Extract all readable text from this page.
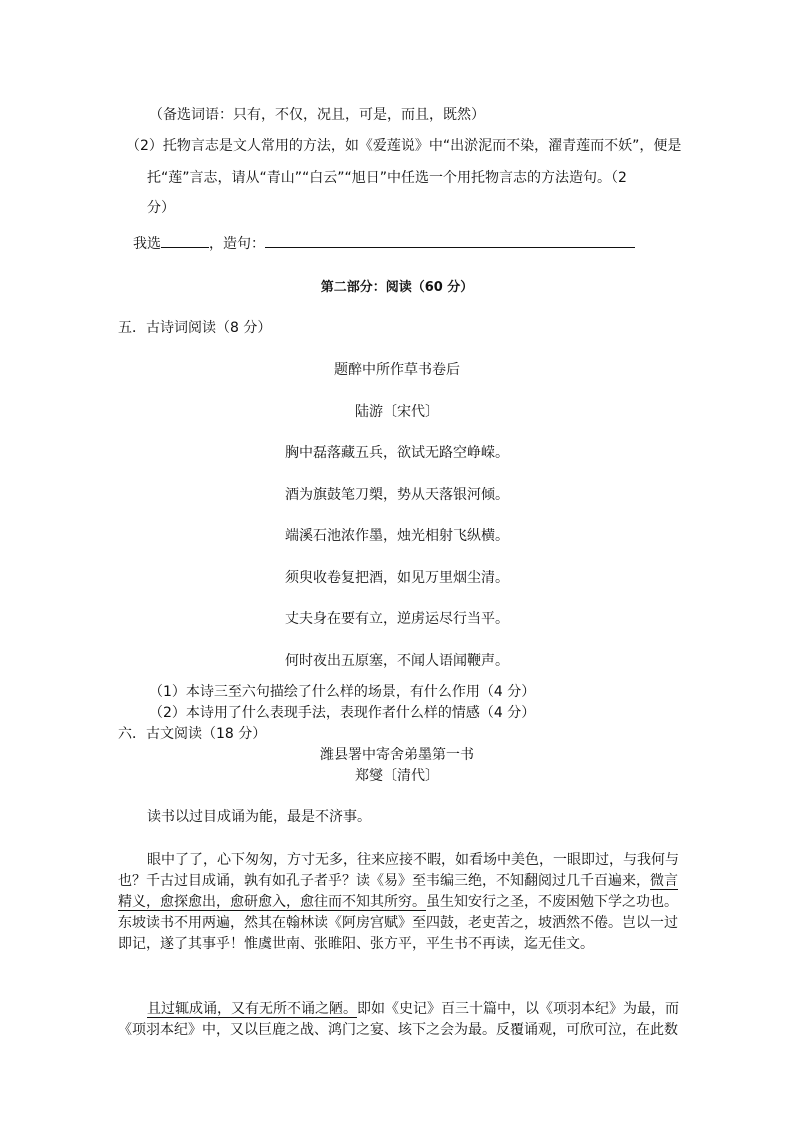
（备选词语：只有，不仅，况且，可是，而且，既然）
（2）托物言志是文人常用的方法，如《爱莲说》中“出淤泥而不染，濯青莲而不妖”，便是
托“莲”言志，请从“青山”“白云”“旭日”中任选一个用托物言志的方法造句。（2
分）
我选	，造句：
第二部分：阅读（60 分）
五．古诗词阅读（8 分）
题醉中所作草书卷后
陆游〔宋代〕
胸中磊落藏五兵，欲试无路空峥嵘。
酒为旗鼓笔刀槊，势从天落银河倾。
端溪石池浓作墨，烛光相射飞纵横。
须臾收卷复把酒，如见万里烟尘清。
丈夫身在要有立，逆虏运尽行当平。
何时夜出五原塞，不闻人语闻鞭声。
（1）本诗三至六句描绘了什么样的场景，有什么作用（4 分）
（2）本诗用了什么表现手法，表现作者什么样的情感（4 分）
六．古文阅读（18 分）
潍县署中寄舍弟墨第一书
郑燮〔清代〕
读书以过目成诵为能，最是不济事。
眼中了了，心下匆匆，方寸无多，往来应接不暇，如看场中美色，一眼即过，与我何与
也？千古过目成诵，孰有如孔子者乎？读《易》至韦编三绝，不知翻阅过几千百遍来，微言
精义，愈探愈出，愈研愈入，愈往而不知其所穷。虽生知安行之圣，不废困勉下学之功也。
东坡读书不用两遍，然其在翰林读《阿房宫赋》至四鼓，老吏苦之，坡洒然不倦。岂以一过
即记，遂了其事乎！惟虞世南、张睢阳、张方平，平生书不再读，迄无佳文。
且过辄成诵，又有无所不诵之陋。即如《史记》百三十篇中，以《项羽本纪》为最，而
《项羽本纪》中，又以巨鹿之战、鸿门之宴、垓下之会为最。反覆诵观，可欣可泣，在此数
